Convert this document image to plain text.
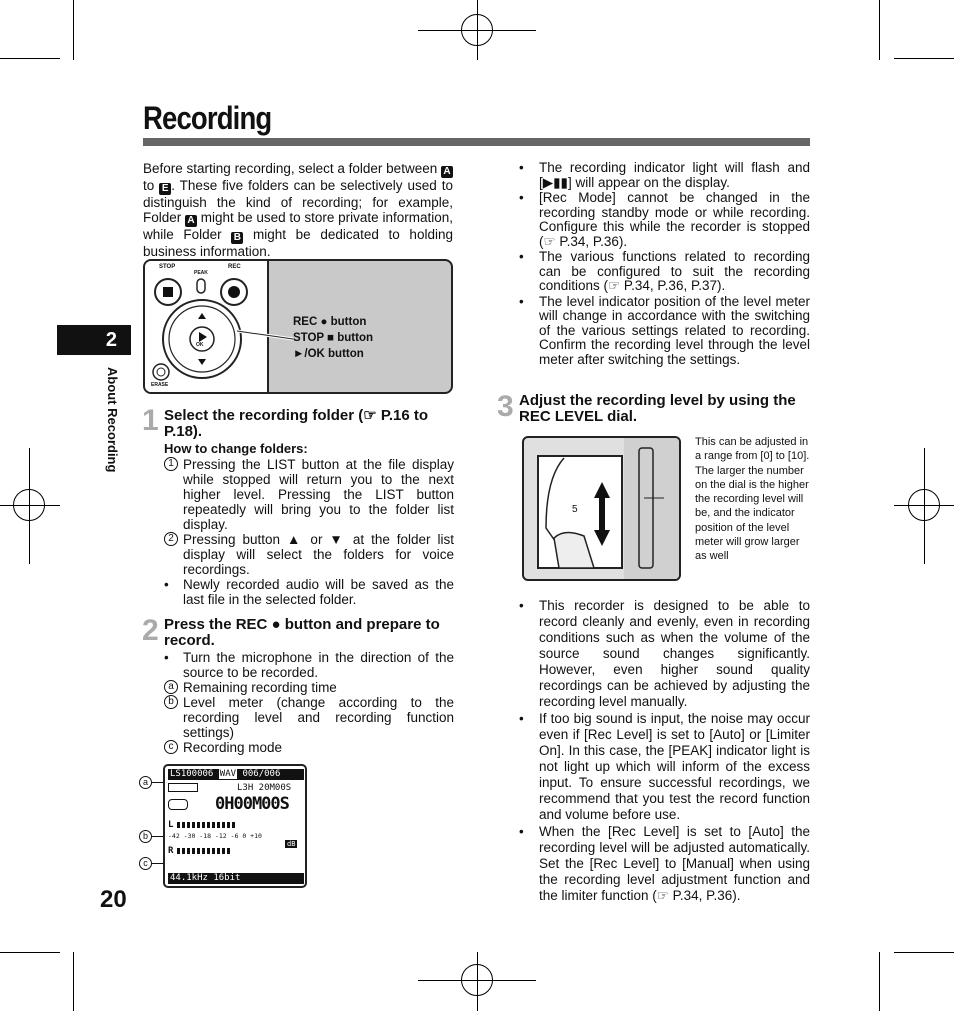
Recording
2
About Recording
20
Before starting recording, select a folder between A to E . These five folders can be selectively used to distinguish the kind of recording; for example, Folder A might be used to store private information, while Folder B might be dedicated to holding business information.
STOP
PEAK
REC
OK
ERASE
REC ● button
STOP ■ button
►/OK button
1 Select the recording folder (☞ P.16 to P.18).
How to change folders:
1 Pressing the LIST button at the file display while stopped will return you to the next higher level. Pressing the LIST button repeatedly will bring you to the folder list display.
2 Pressing button ▲ or ▼ at the folder list display will select the folders for voice recordings.
• Newly recorded audio will be saved as the last file in the selected folder.
2 Press the REC ● button and prepare to record.
• Turn the microphone in the direction of the source to be recorded.
a Remaining recording time
b Level meter (change according to the recording level and recording function settings)
c Recording mode
a
b
c
LS100006 WAV 006/006
L3H 20M00S
0H00M00S
L
-42 -30 -18 -12 -6 0 +10
dB
R
44.1kHz 16bit
• The recording indicator light will flash and [▶▮▮] will appear on the display.
• [Rec Mode] cannot be changed in the recording standby mode or while recording. Configure this while the recorder is stopped (☞ P.34, P.36).
• The various functions related to recording can be configured to suit the recording conditions (☞ P.34, P.36, P.37).
• The level indicator position of the level meter will change in accordance with the switching of the various settings related to recording. Confirm the recording level through the level meter after switching the settings.
3 Adjust the recording level by using the REC LEVEL dial.
5
This can be adjusted in a range from [0] to [10]. The larger the number on the dial is the higher the recording level will be, and the indicator position of the level meter will grow larger as well
• This recorder is designed to be able to record cleanly and evenly, even in recording conditions such as when the volume of the source sound changes significantly. However, even higher sound quality recordings can be achieved by adjusting the recording level manually.
• If too big sound is input, the noise may occur even if [Rec Level] is set to [Auto] or [Limiter On]. In this case, the [PEAK] indicator light is not light up which will inform of the excess input. To ensure successful recordings, we recommend that you test the record function and volume before use.
• When the [Rec Level] is set to [Auto] the recording level will be adjusted automatically. Set the [Rec Level] to [Manual] when using the recording level adjustment function and the limiter function (☞ P.34, P.36).
